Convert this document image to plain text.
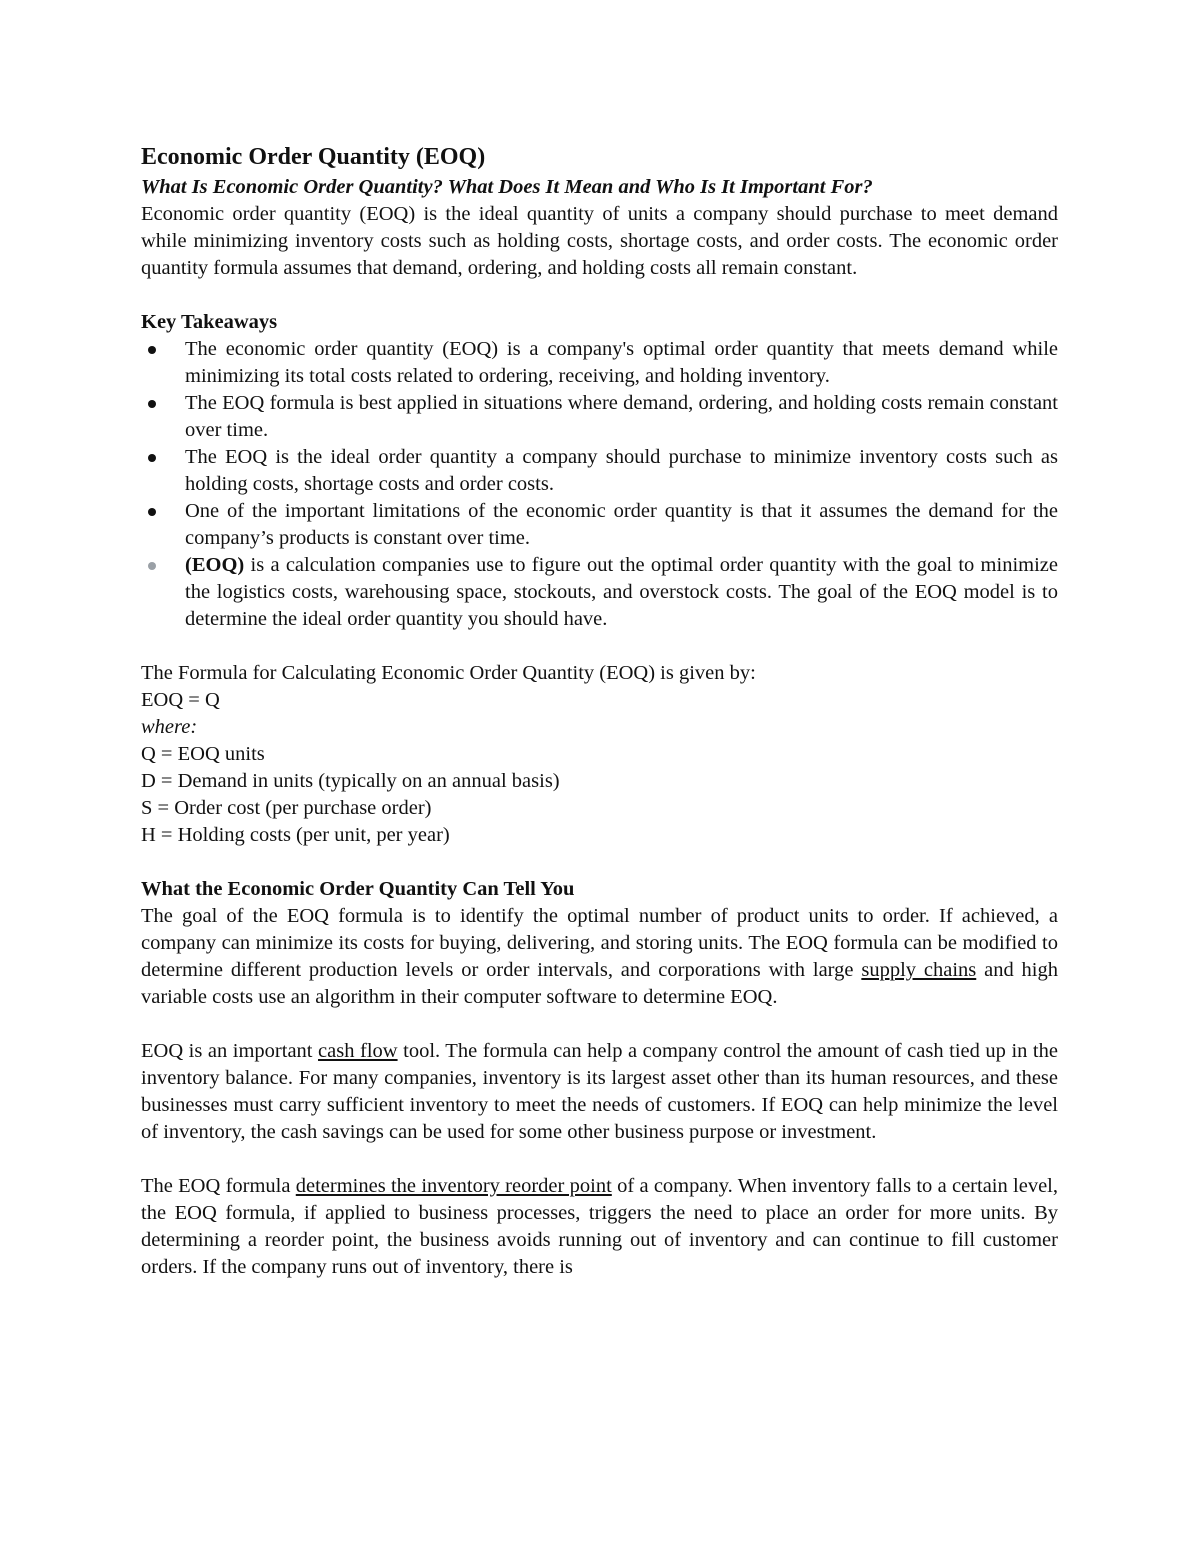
Economic Order Quantity (EOQ)

What Is Economic Order Quantity? What Does It Mean and Who Is It Important For?

Economic order quantity (EOQ) is the ideal quantity of units a company should purchase to meet demand while minimizing inventory costs such as holding costs, shortage costs, and order costs. The economic order quantity formula assumes that demand, ordering, and holding costs all remain constant.

Key Takeaways

The economic order quantity (EOQ) is a company's optimal order quantity that meets demand while minimizing its total costs related to ordering, receiving, and holding inventory.
The EOQ formula is best applied in situations where demand, ordering, and holding costs remain constant over time.
The EOQ is the ideal order quantity a company should purchase to minimize inventory costs such as holding costs, shortage costs and order costs.
One of the important limitations of the economic order quantity is that it assumes the demand for the company’s products is constant over time.
(EOQ) is a calculation companies use to figure out the optimal order quantity with the goal to minimize the logistics costs, warehousing space, stockouts, and overstock costs. The goal of the EOQ model is to determine the ideal order quantity you should have.

The Formula for Calculating Economic Order Quantity (EOQ) is given by:

EOQ = Q

where:

Q = EOQ units

D = Demand in units (typically on an annual basis)

S = Order cost (per purchase order)

H = Holding costs (per unit, per year)

What the Economic Order Quantity Can Tell You

The goal of the EOQ formula is to identify the optimal number of product units to order. If achieved, a company can minimize its costs for buying, delivering, and storing units. The EOQ formula can be modified to determine different production levels or order intervals, and corporations with large supply chains and high variable costs use an algorithm in their computer software to determine EOQ.

EOQ is an important cash flow tool. The formula can help a company control the amount of cash tied up in the inventory balance. For many companies, inventory is its largest asset other than its human resources, and these businesses must carry sufficient inventory to meet the needs of customers. If EOQ can help minimize the level of inventory, the cash savings can be used for some other business purpose or investment.

The EOQ formula determines the inventory reorder point of a company. When inventory falls to a certain level, the EOQ formula, if applied to business processes, triggers the need to place an order for more units. By determining a reorder point, the business avoids running out of inventory and can continue to fill customer orders. If the company runs out of inventory, there is
